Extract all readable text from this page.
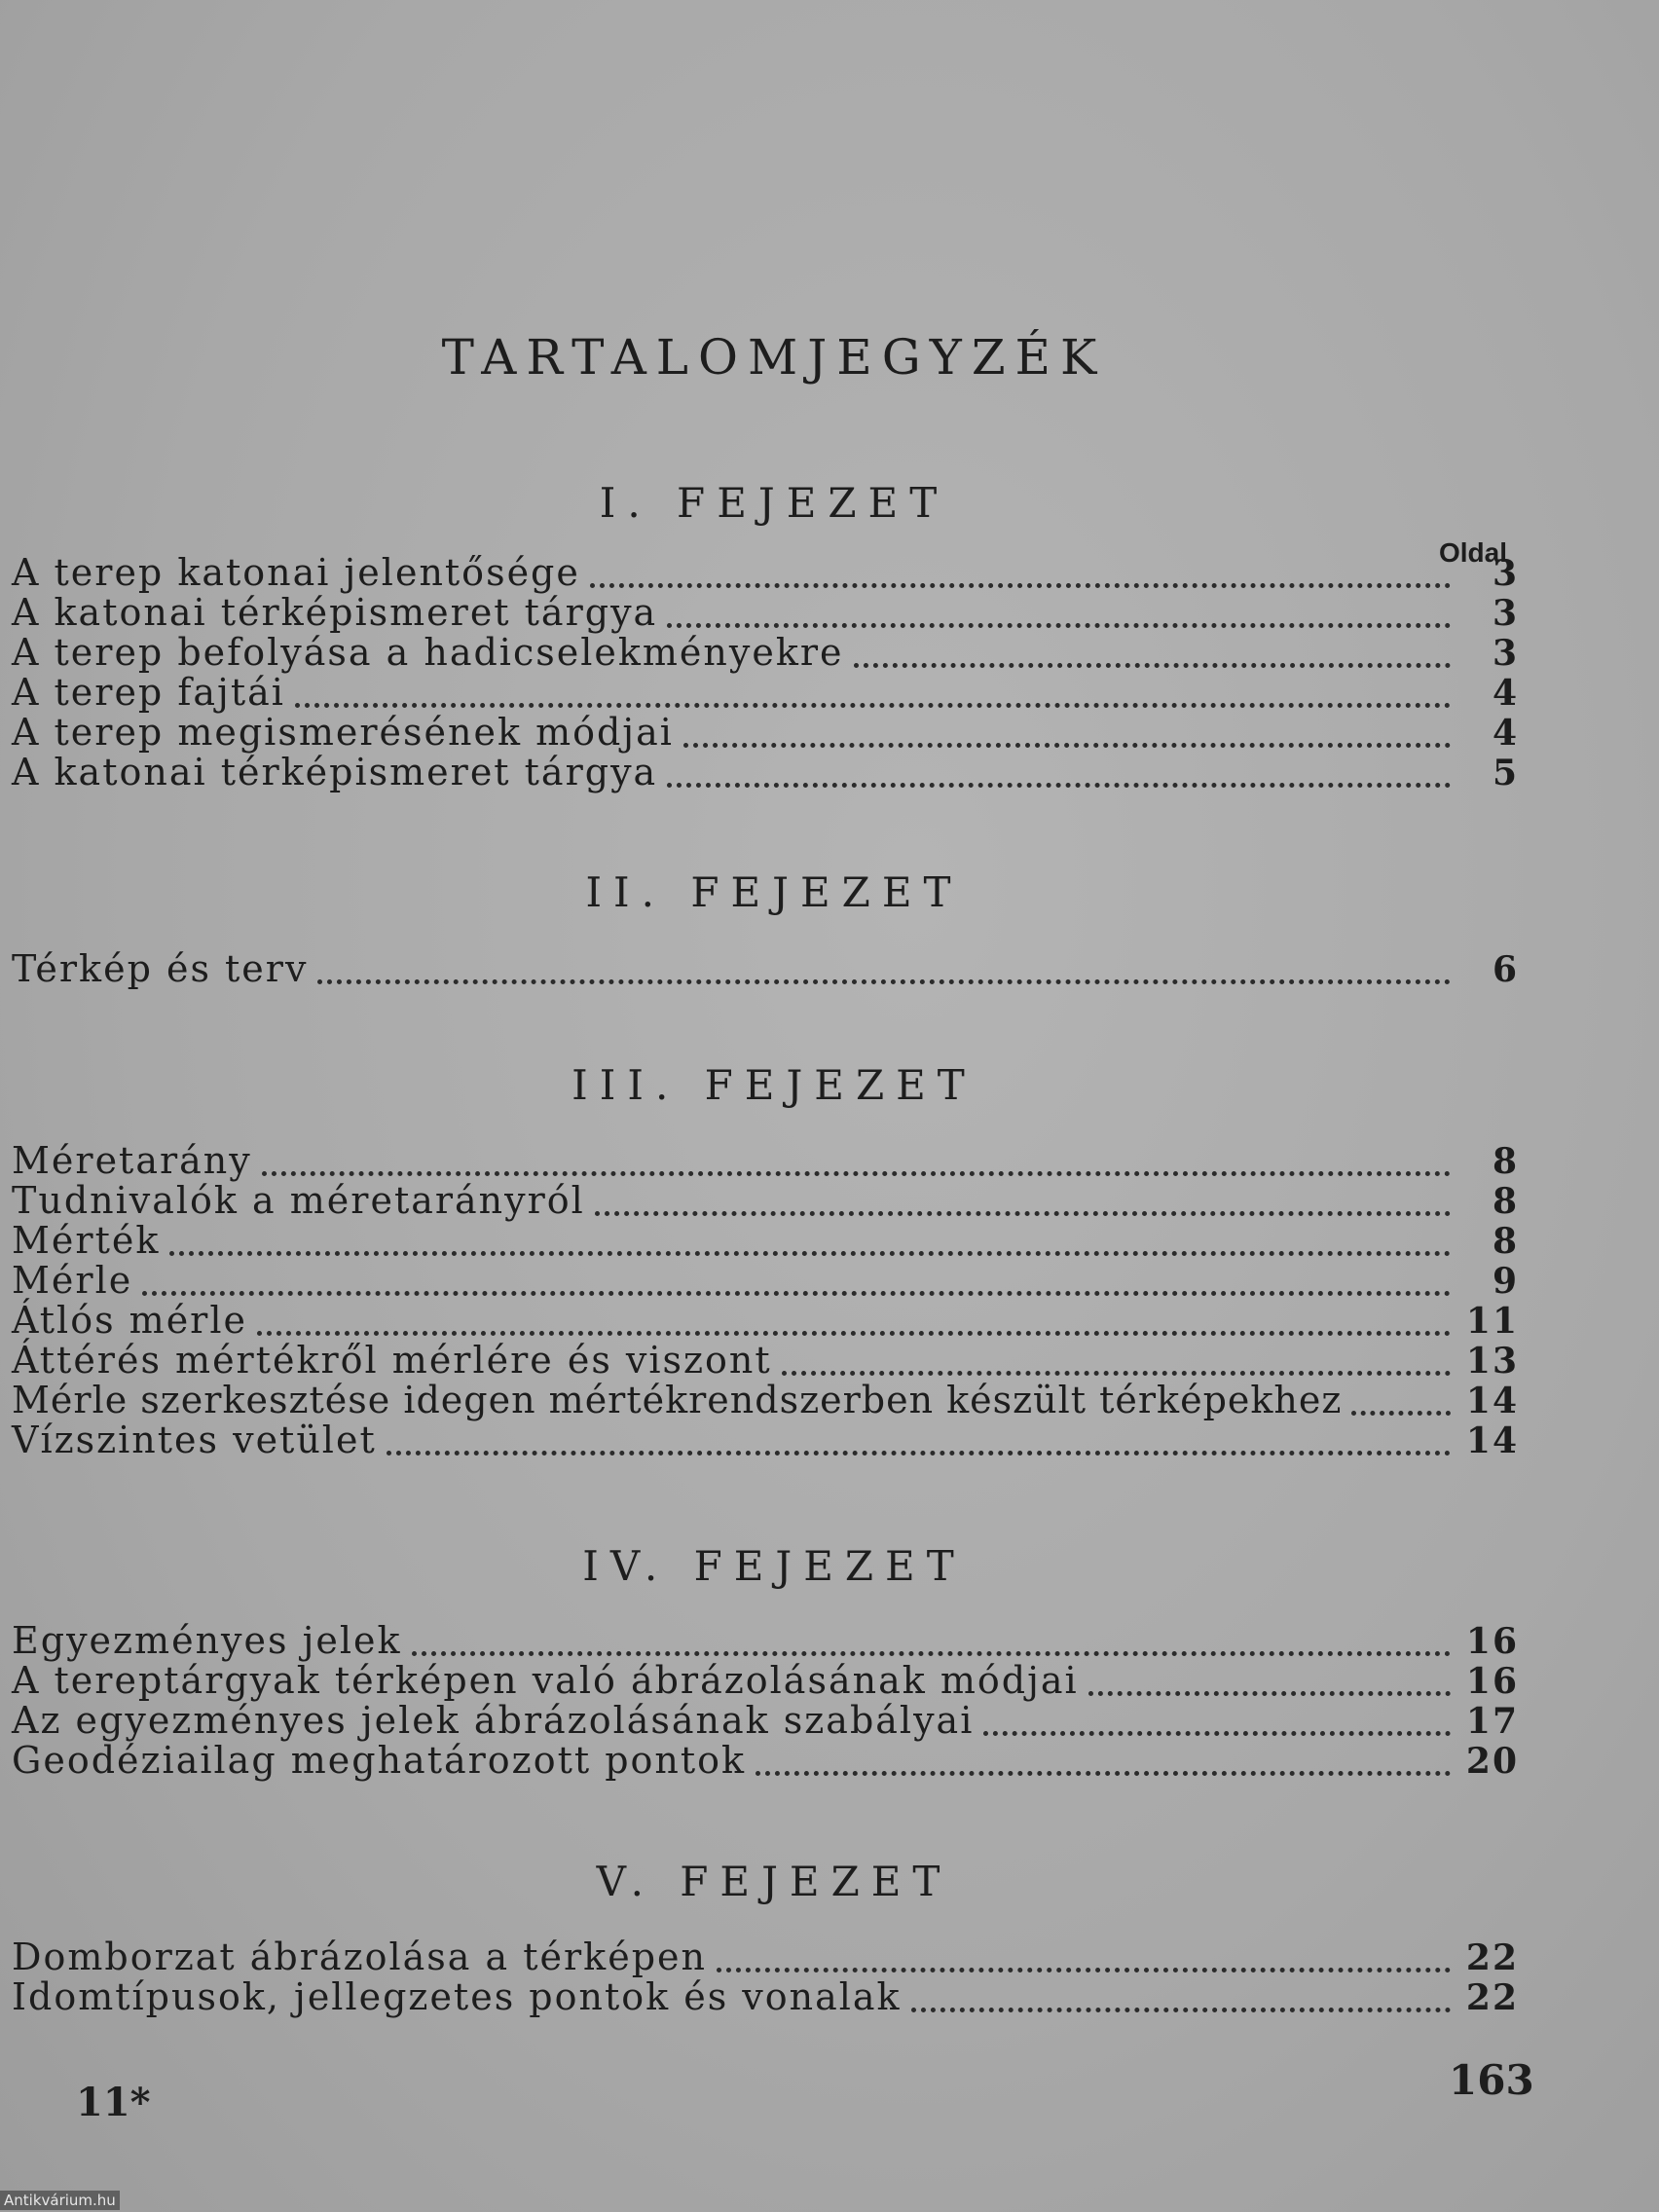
TARTALOMJEGYZÉK
I. FEJEZET
Oldal
A terep katonai jelentősége	3
A katonai térképismeret tárgya	3
A terep befolyása a hadicselekményekre	3
A terep fajtái	4
A terep megismerésének módjai	4
A katonai térképismeret tárgya	5
II. FEJEZET
Térkép és terv	6
III. FEJEZET
Méretarány	8
Tudnivalók a méretarányról	8
Mérték	8
Mérle	9
Átlós mérle	11
Áttérés mértékről mérlére és viszont	13
Mérle szerkesztése idegen mértékrendszerben készült térképekhez	14
Vízszintes vetület	14
IV. FEJEZET
Egyezményes jelek	16
A tereptárgyak térképen való ábrázolásának módjai	16
Az egyezményes jelek ábrázolásának szabályai	17
Geodéziailag meghatározott pontok	20
V. FEJEZET
Domborzat ábrázolása a térképen	22
Idomtípusok, jellegzetes pontok és vonalak	22
11*	163
Antikvárium.hu
